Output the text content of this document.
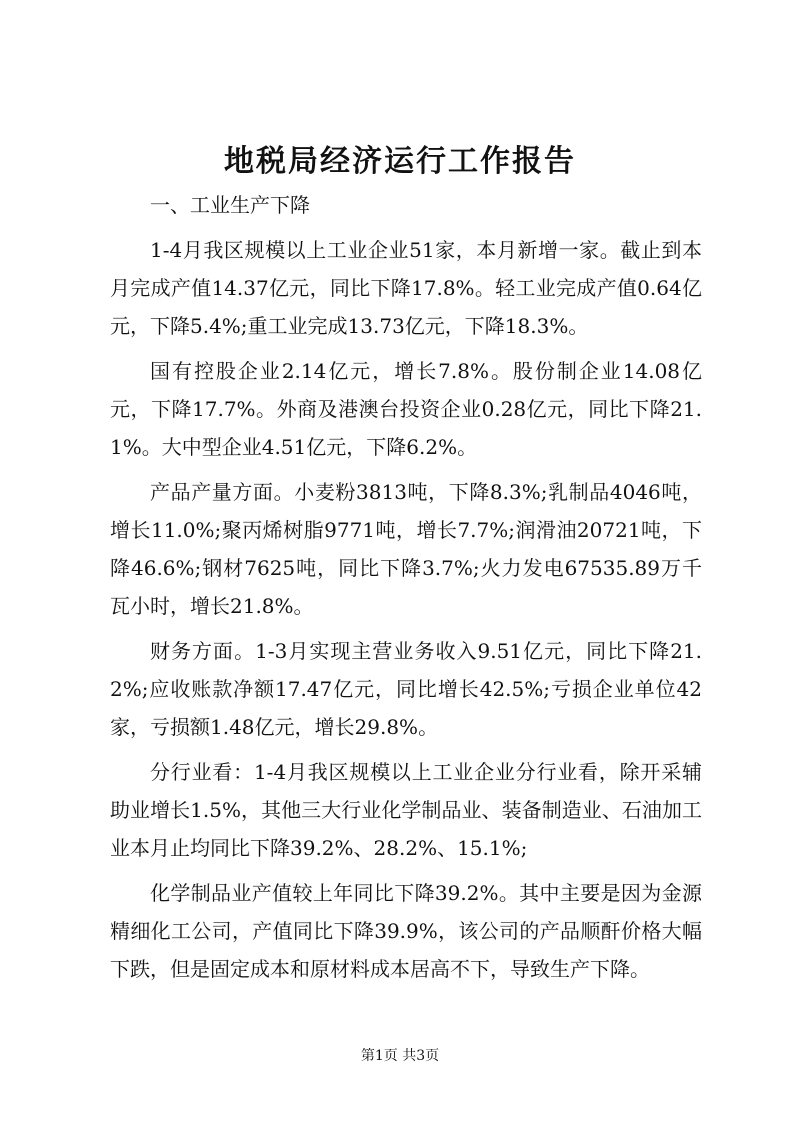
地税局经济运行工作报告

一、工业生产下降

1-4月我区规模以上工业企业51家，本月新增一家。截止到本月完成产值14.37亿元，同比下降17.8%。轻工业完成产值0.64亿元，下降5.4%;重工业完成13.73亿元，下降18.3%。

国有控股企业2.14亿元，增长7.8%。股份制企业14.08亿元，下降17.7%。外商及港澳台投资企业0.28亿元，同比下降21.1%。大中型企业4.51亿元，下降6.2%。

产品产量方面。小麦粉3813吨，下降8.3%;乳制品4046吨，增长11.0%;聚丙烯树脂9771吨，增长7.7%;润滑油20721吨，下降46.6%;钢材7625吨，同比下降3.7%;火力发电67535.89万千瓦小时，增长21.8%。

财务方面。1-3月实现主营业务收入9.51亿元，同比下降21.2%;应收账款净额17.47亿元，同比增长42.5%;亏损企业单位42家，亏损额1.48亿元，增长29.8%。

分行业看：1-4月我区规模以上工业企业分行业看，除开采辅助业增长1.5%，其他三大行业化学制品业、装备制造业、石油加工业本月止均同比下降39.2%、28.2%、15.1%;

化学制品业产值较上年同比下降39.2%。其中主要是因为金源精细化工公司，产值同比下降39.9%，该公司的产品顺酐价格大幅下跌，但是固定成本和原材料成本居高不下，导致生产下降。

第1页 共3页
